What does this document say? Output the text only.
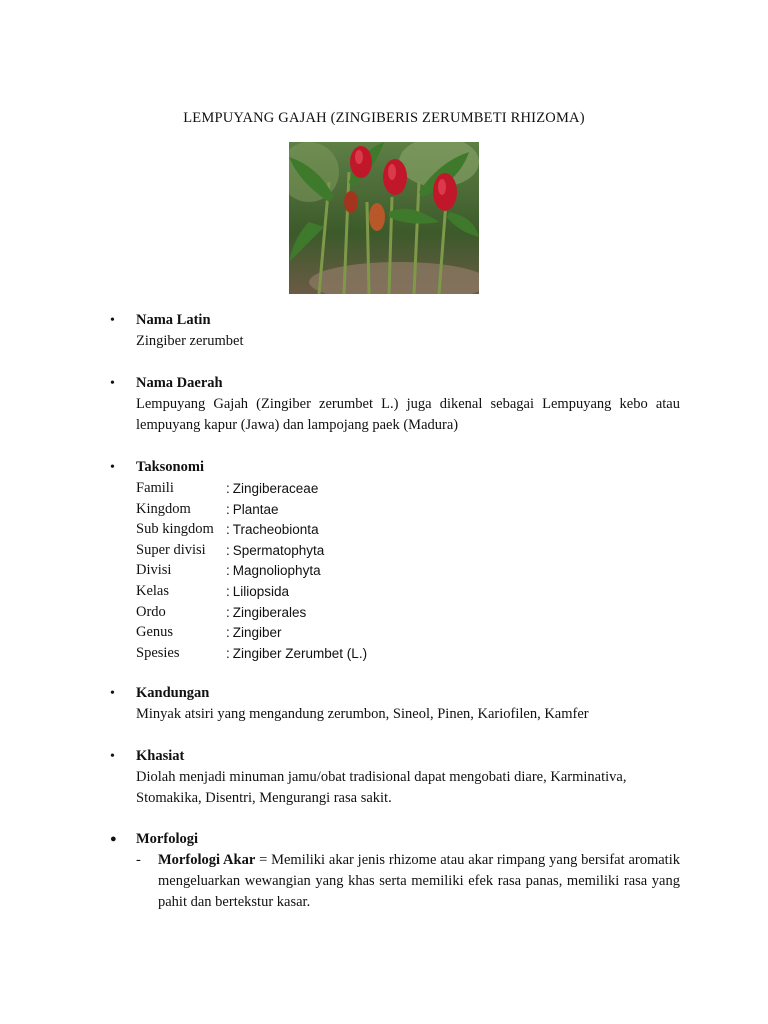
LEMPUYANG GAJAH (ZINGIBERIS ZERUMBETI RHIZOMA)
•	Nama Latin
Zingiber zerumbet
•	Nama Daerah
Lempuyang Gajah (Zingiber zerumbet L.) juga dikenal sebagai Lempuyang kebo atau lempuyang kapur (Jawa) dan lampojang paek (Madura)
•	Taksonomi
Famili	: Zingiberaceae
Kingdom	: Plantae
Sub kingdom : Tracheobionta
Super divisi	: Spermatophyta
Divisi	: Magnoliophyta
Kelas	: Liliopsida
Ordo	: Zingiberales
Genus	: Zingiber
Spesies	: Zingiber Zerumbet (L.)
•	Kandungan
Minyak atsiri yang mengandung zerumbon, Sineol, Pinen, Kariofilen, Kamfer
•	Khasiat
Diolah menjadi minuman jamu/obat tradisional dapat mengobati diare, Karminativa,
Stomakika, Disentri, Mengurangi rasa sakit.
●	Morfologi
- Morfologi Akar = Memiliki akar jenis rhizome atau akar rimpang yang bersifat aromatik mengeluarkan wewangian yang khas serta memiliki efek rasa panas, memiliki rasa yang pahit dan bertekstur kasar.
